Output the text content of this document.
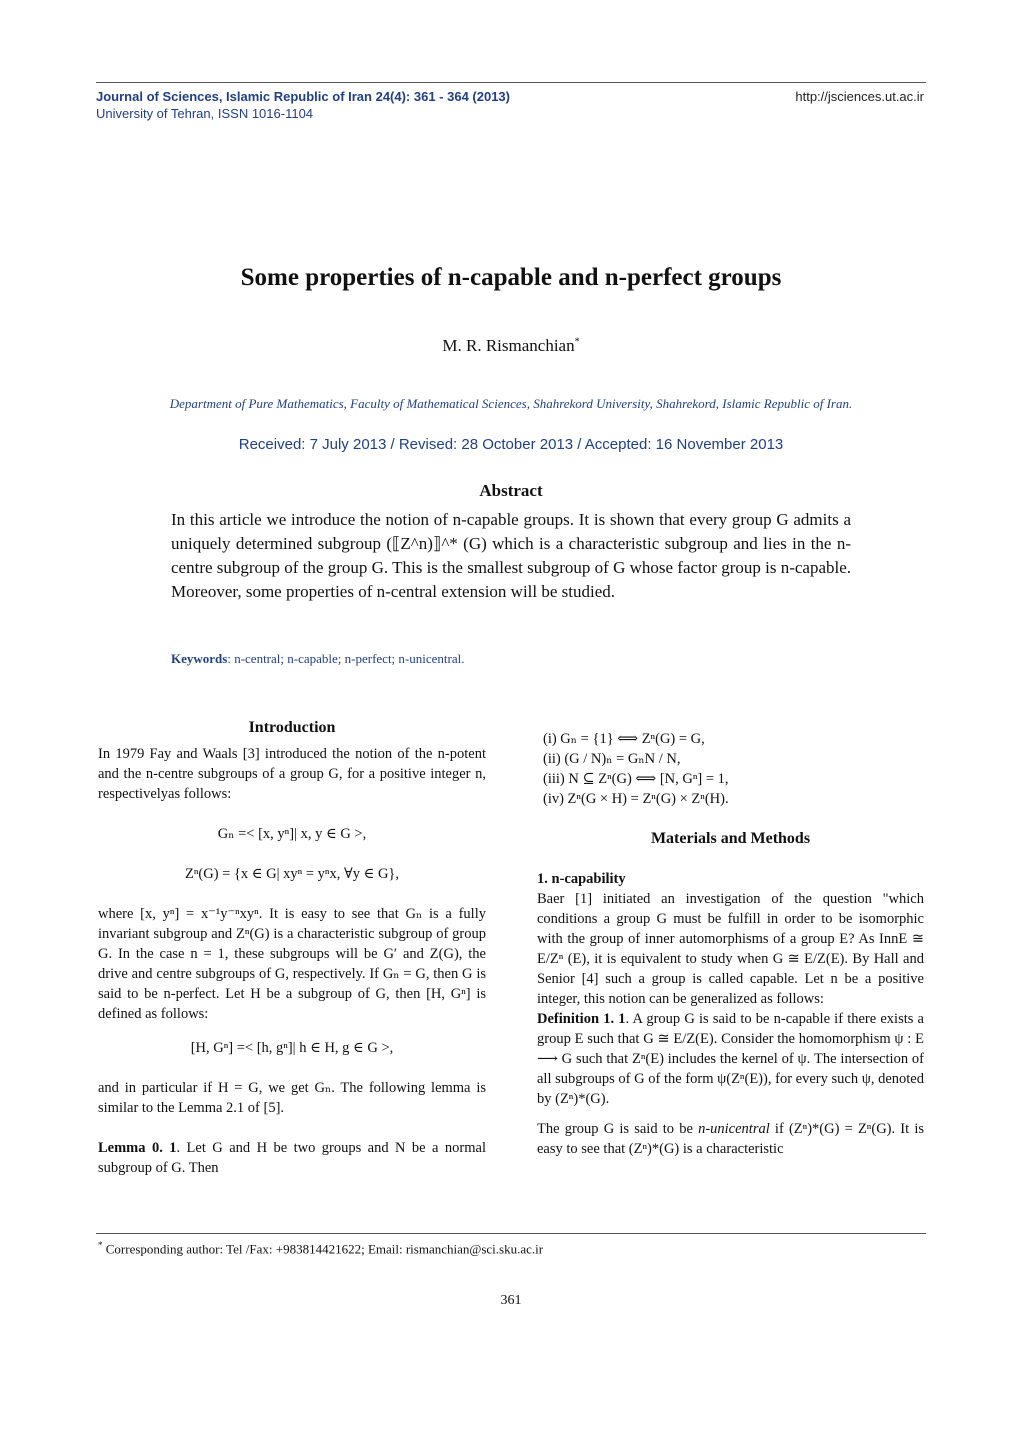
Journal of Sciences, Islamic Republic of Iran 24(4): 361 - 364 (2013)	http://jsciences.ut.ac.ir
University of Tehran, ISSN 1016-1104
Some properties of n-capable and n-perfect groups
M. R. Rismanchian*
Department of Pure Mathematics, Faculty of Mathematical Sciences, Shahrekord University, Shahrekord, Islamic Republic of Iran.
Received: 7 July 2013 / Revised: 28 October 2013 / Accepted: 16 November 2013
Abstract
In this article we introduce the notion of n-capable groups. It is shown that every group G admits a uniquely determined subgroup (⟦Z^n)⟧^* (G) which is a characteristic subgroup and lies in the n-centre subgroup of the group G. This is the smallest subgroup of G whose factor group is n-capable. Moreover, some properties of n-central extension will be studied.
Keywords: n-central; n-capable; n-perfect; n-unicentral.
Introduction

In 1979 Fay and Waals [3] introduced the notion of the n-potent and the n-centre subgroups of a group G, for a positive integer n, respectivelyas follows:

Gₙ =< [x, yⁿ]| x, y ∈ G >,
Zⁿ(G) = {x ∈ G| xyⁿ = yⁿx, ∀y ∈ G},

where [x, yⁿ] = x⁻¹y⁻ⁿxyⁿ. It is easy to see that Gₙ is a fully invariant subgroup and Zⁿ(G) is a characteristic subgroup of group G. In the case n = 1, these subgroups will be G′ and Z(G), the drive and centre subgroups of G, respectively. If Gₙ = G, then G is said to be n-perfect. Let H be a subgroup of G, then [H, Gⁿ] is defined as follows:

[H, Gⁿ] =< [h, gⁿ]| h ∈ H, g ∈ G >,

and in particular if H = G, we get Gₙ. The following lemma is similar to the Lemma 2.1 of [5].

Lemma 0. 1. Let G and H be two groups and N be a normal subgroup of G. Then

(i) Gₙ = {1} ⟺ Zⁿ(G) = G,

(ii) (G / N)ₙ = GₙN / N,

(iii) N ⊆ Zⁿ(G) ⟺ [N, Gⁿ] = 1,

(iv) Zⁿ(G × H) = Zⁿ(G) × Zⁿ(H).

Materials and Methods

1. n-capability

Baer [1] initiated an investigation of the question "which conditions a group G must be fulfill in order to be isomorphic with the group of inner automorphisms of a group E? As InnE ≅ E/Zⁿ (E), it is equivalent to study when G ≅ E/Z(E). By Hall and Senior [4] such a group is called capable. Let n be a positive integer, this notion can be generalized as follows:

Definition 1. 1. A group G is said to be n-capable if there exists a group E such that G ≅ E/Z(E). Consider the homomorphism ψ : E ⟶ G such that Zⁿ(E) includes the kernel of ψ. The intersection of all subgroups of G of the form ψ(Zⁿ(E)), for every such ψ, denoted by (Zⁿ)*(G).

The group G is said to be n-unicentral if (Zⁿ)*(G) = Zⁿ(G). It is easy to see that (Zⁿ)*(G) is a characteristic

* Corresponding author: Tel /Fax: +983814421622; Email: rismanchian@sci.sku.ac.ir
361
